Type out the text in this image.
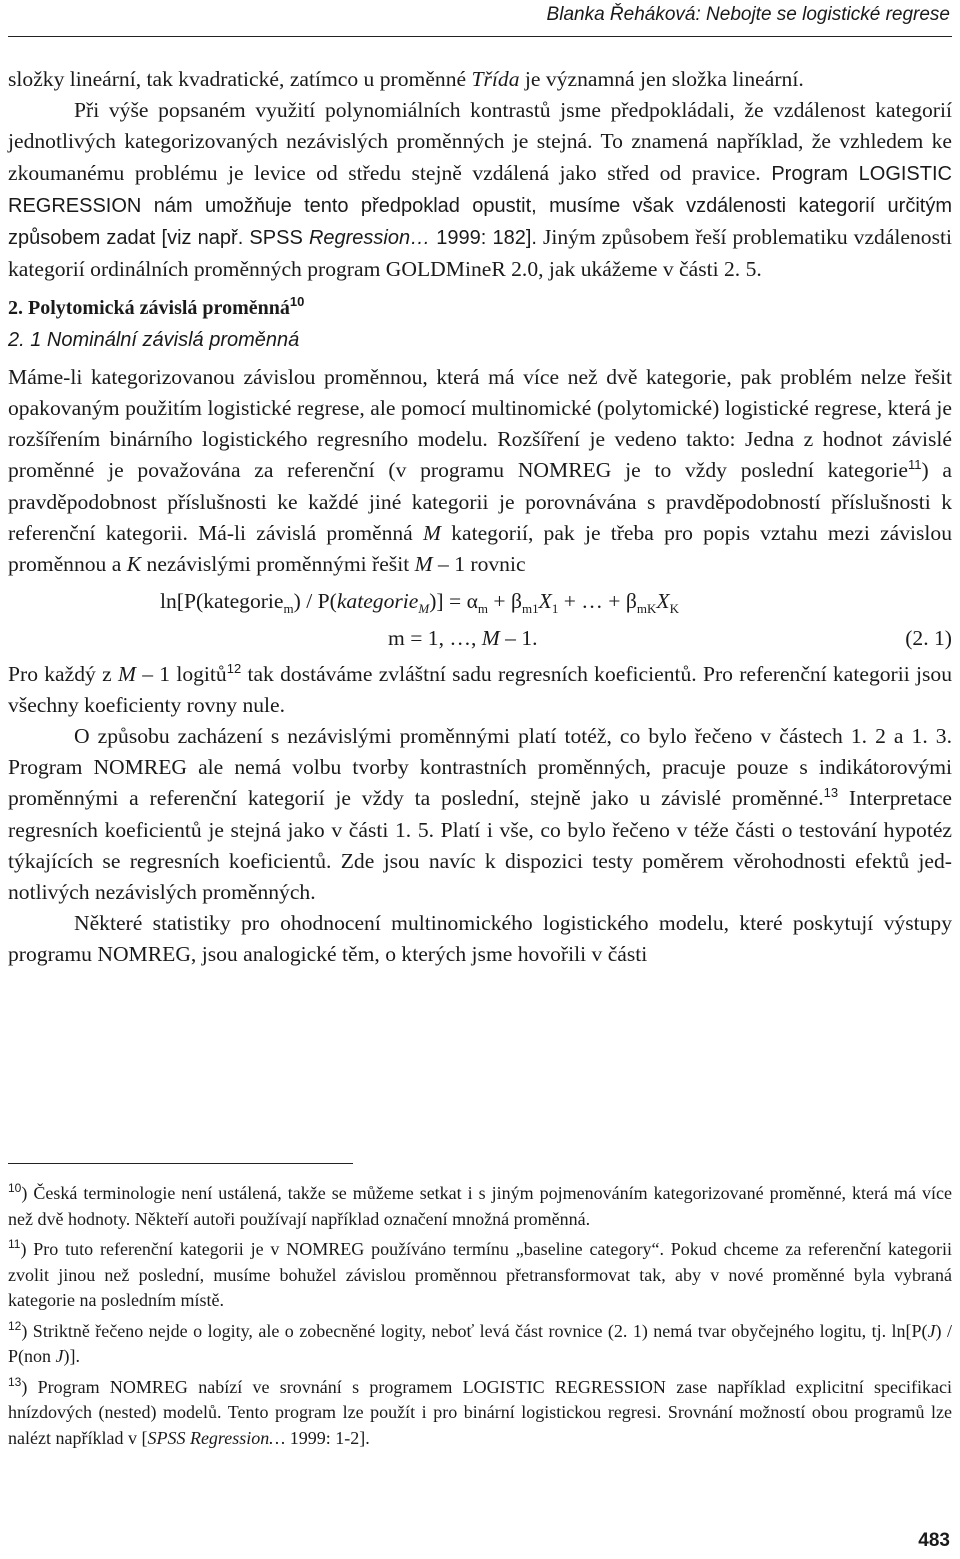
Blanka Řeháková: Nebojte se logistické regrese

složky lineární, tak kvadratické, zatímco u proměnné Třída je významná jen složka lineární.

Při výše popsaném využití polynomiálních kontrastů jsme předpokládali, že vzdálenost kategorií jednotlivých kategorizovaných nezávislých proměnných je stejná. To znamená například, že vzhledem ke zkoumanému problému je levice od středu stejně vzdálená jako střed od pravice. Program LOGISTIC REGRESSION nám umožňuje tento předpoklad opustit, musíme však vzdálenosti kategorií určitým způsobem zadat [viz např. SPSS Regression… 1999: 182]. Jiným způsobem řeší problematiku vzdálenosti kategorií ordinálních proměnných program GOLDMineR 2.0, jak ukážeme v části 2. 5.

2. Polytomická závislá proměnná$^{10}$

2. 1 Nominální závislá proměnná

Máme-li kategorizovanou závislou proměnnou, která má více než dvě kategorie, pak problém nelze řešit opakovaným použitím logistické regrese, ale pomocí multinomické (polytomické) logistické regrese, která je rozšířením binárního logistického regresního modelu. Rozšíření je vedeno takto: Jedna z hodnot závislé proměnné je považována za referenční (v programu NOMREG je to vždy poslední kategorie$^{11}$) a pravděpodobnost příslušnosti ke každé jiné kategorii je porovnávána s pravděpodobností příslušnosti k referenční kategorii. Má-li závislá proměnná M kategorií, pak je třeba pro popis vztahu mezi závislou proměnnou a K nezávislými proměnnými řešit M – 1 rovnic

ln[P(kategorie$_m$) / P(kategorie$_M$)] = $\alpha_m + \beta_{m1}X_1$ + … + $\beta_{mK}X_K$

m = 1, …, M – 1.	(2. 1)

Pro každý z M – 1 logitů$^{12}$ tak dostáváme zvláštní sadu regresních koeficientů. Pro referenční kategorii jsou všechny koeficienty rovny nule.

O způsobu zacházení s nezávislými proměnnými platí totéž, co bylo řečeno v částech 1. 2 a 1. 3. Program NOMREG ale nemá volbu tvorby kontrastních proměnných, pracuje pouze s indikátorovými proměnnými a referenční kategorií je vždy ta poslední, stejně jako u závislé proměnné.$^{13}$ Interpretace regresních koeficientů je stejná jako v části 1. 5. Platí i vše, co bylo řečeno v téže části o testování hypotéz týkajících se regresních koeficientů. Zde jsou navíc k dispozici testy poměrem věrohodnosti efektů jednotlivých nezávislých proměnných.

Některé statistiky pro ohodnocení multinomického logistického modelu, které poskytují výstupy programu NOMREG, jsou analogické těm, o kterých jsme hovořili v části

$^{10}$) Česká terminologie není ustálená, takže se můžeme setkat i s jiným pojmenováním kategorizované proměnné, která má více než dvě hodnoty. Někteří autoři používají například označení množná proměnná.

$^{11}$) Pro tuto referenční kategorii je v NOMREG používáno termínu „baseline category“. Pokud chceme za referenční kategorii zvolit jinou než poslední, musíme bohužel závislou proměnnou přetransformovat tak, aby v nové proměnné byla vybraná kategorie na posledním místě.

$^{12}$) Striktně řečeno nejde o logity, ale o zobecněné logity, neboť levá část rovnice (2. 1) nemá tvar obyčejného logitu, tj. ln[P(J) / P(non J)].

$^{13}$) Program NOMREG nabízí ve srovnání s programem LOGISTIC REGRESSION zase například explicitní specifikaci hnízdových (nested) modelů. Tento program lze použít i pro binární logistickou regresi. Srovnání možností obou programů lze nalézt například v [SPSS Regression… 1999: 1-2].

483
